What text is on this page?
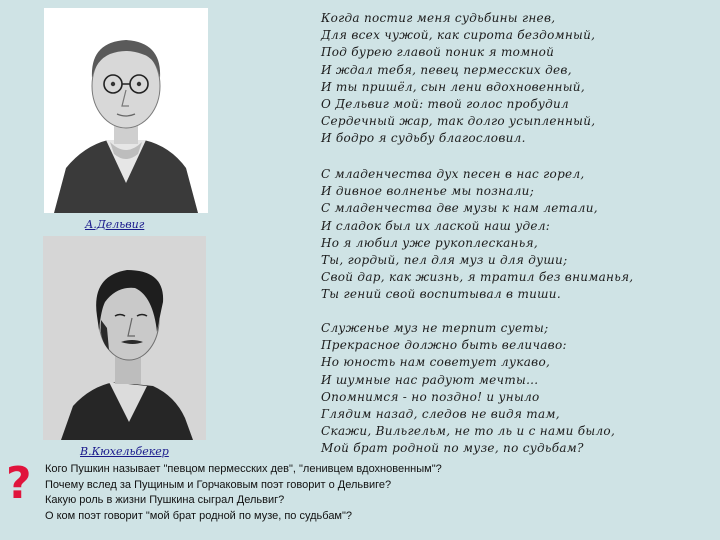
А.Дельвиг
В.Кюхельбекер
Когда постиг меня судьбины гнев,
Для всех чужой, как сирота бездомный,
Под бурею главой поник я томной
И ждал тебя, певец пермесских дев,
И ты пришёл, сын лени вдохновенный,
О Дельвиг мой: твой голос пробудил
Сердечный жар, так долго усыпленный,
И бодро я судьбу благословил.
С младенчества дух песен в нас горел,
И дивное волненье мы познали;
С младенчества две музы к нам летали,
И сладок был их лаской наш удел:
Но я любил уже рукоплесканья,
Ты, гордый, пел для муз и для души;
Свой дар, как жизнь, я тратил без вниманья,
Ты гений свой воспитывал в тиши.
Служенье муз не терпит суеты;
Прекрасное должно быть величаво:
Но юность нам советует лукаво,
И шумные нас радуют мечты...
Опомнимся - но поздно! и уныло
Глядим назад, следов не видя там,
Скажи, Вильгельм, не то ль и с нами было,
Мой брат родной по музе, по судьбам?
? Кого Пушкин называет "певцом пермесских дев", "ленивцем вдохновенным"?
Почему вслед за Пущиным и Горчаковым поэт говорит о Дельвиге?
Какую роль в жизни Пушкина сыграл Дельвиг?
О ком поэт говорит "мой брат родной по музе, по судьбам"?
